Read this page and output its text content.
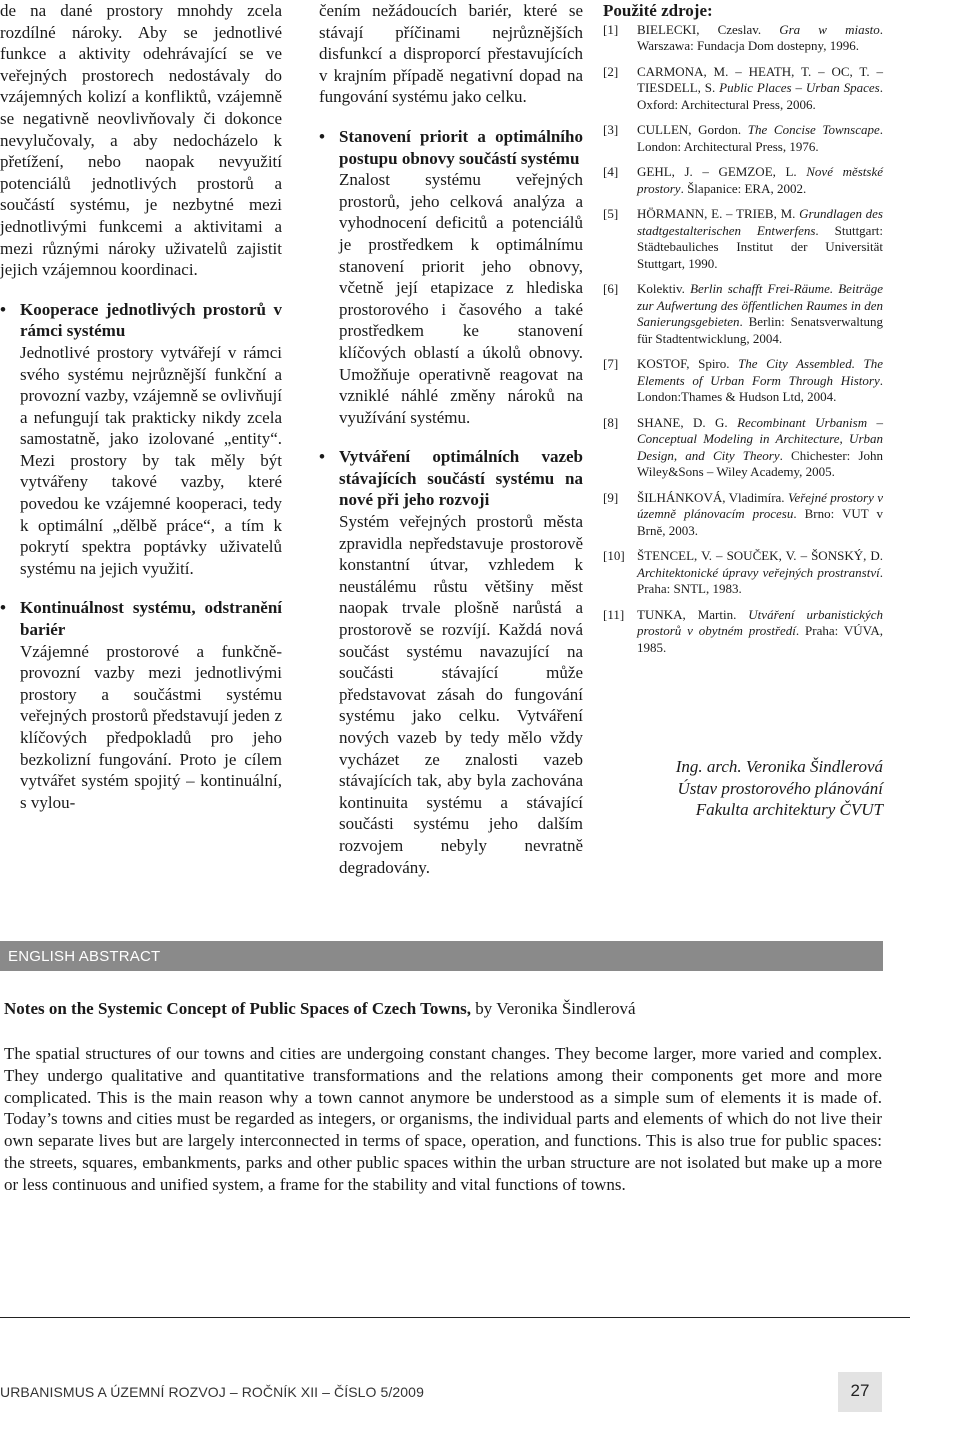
de na dané prostory mnohdy zcela rozdílné nároky. Aby se jednotlivé funkce a aktivity odehrávající se ve veřejných prostorech nedostávaly do vzájemných kolizí a konfliktů, vzájemně se negativně neovlivňovaly či dokonce nevylučovaly, a aby nedocházelo k přetížení, nebo naopak nevyužití potenciálů jednotlivých prostorů a součástí systému, je nezbytné mezi jednotlivými funkcemi a aktivitami a mezi různými nároky uživatelů zajistit jejich vzájemnou koordinaci.

• Kooperace jednotlivých prostorů v rámci systému

Jednotlivé prostory vytvářejí v rámci svého systému nejrůznější funkční a provozní vazby, vzájemně se ovlivňují a nefungují tak prakticky nikdy zcela samostatně, jako izolované „entity“. Mezi prostory by tak měly být vytvářeny takové vazby, které povedou ke vzájemné kooperaci, tedy k optimální „dělbě práce“, a tím k pokrytí spektra poptávky uživatelů systému na jejich využití.

• Kontinuálnost systému, odstranění bariér

Vzájemné prostorové a funkčně-provozní vazby mezi jednotlivými prostory a součástmi systému veřejných prostorů představují jeden z klíčových předpokladů pro jeho bezkolizní fungování. Proto je cílem vytvářet systém spojitý – kontinuální, s vylou-

čením nežádoucích bariér, které se stávají příčinami nejrůznějších disfunkcí a disproporcí přestavujících v krajním případě negativní dopad na fungování systému jako celku.

• Stanovení priorit a optimálního postupu obnovy součástí systému

Znalost systému veřejných prostorů, jeho celková analýza a vyhodnocení deficitů a potenciálů je prostředkem k optimálnímu stanovení priorit jeho obnovy, včetně její etapizace z hlediska prostorového i časového a také prostředkem ke stanovení klíčových oblastí a úkolů obnovy. Umožňuje operativně reagovat na vzniklé náhlé změny nároků na využívání systému.

• Vytváření optimálních vazeb stávajících součástí systému na nové při jeho rozvoji

Systém veřejných prostorů města zpravidla nepředstavuje prostorově konstantní útvar, vzhledem k neustálému růstu většiny měst naopak trvale plošně narůstá a prostorově se rozvíjí. Každá nová součást systému navazující na součásti stávající může představovat zásah do fungování systému jako celku. Vytváření nových vazeb by tedy mělo vždy vycházet ze znalosti vazeb stávajících tak, aby byla zachována kontinuita systému a stávající součásti systému jeho dalším rozvojem nebyly nevratně degradovány.

Použité zdroje:

[1]	BIELECKI, Czeslav. Gra w miasto. Warszawa: Fundacja Dom dostepny, 1996.
[2]	CARMONA, M. – HEATH, T. – OC, T. – TIESDELL, S. Public Places – Urban Spaces. Oxford: Architectural Press, 2006.
[3]	CULLEN, Gordon. The Concise Townscape. London: Architectural Press, 1976.
[4]	GEHL, J. – GEMZOE, L. Nové městské prostory. Šlapanice: ERA, 2002.
[5]	HÖRMANN, E. – TRIEB, M. Grundlagen des stadtgestalterischen Entwerfens. Stuttgart: Städtebauliches Institut der Universität Stuttgart, 1990.
[6]	Kolektiv. Berlin schafft Frei-Räume. Beiträge zur Aufwertung des öffentlichen Raumes in den Sanierungsgebieten. Berlin: Senatsverwaltung für Stadtentwicklung, 2004.
[7]	KOSTOF, Spiro. The City Assembled. The Elements of Urban Form Through History. London:Thames & Hudson Ltd, 2004.
[8]	SHANE, D. G. Recombinant Urbanism – Conceptual Modeling in Architecture, Urban Design, and City Theory. Chichester: John Wiley&Sons – Wiley Academy, 2005.
[9]	ŠILHÁNKOVÁ, Vladimíra. Veřejné prostory v územně plánovacím procesu. Brno: VUT v Brně, 2003.
[10] ŠTENCEL, V. – SOUČEK, V. – ŠONSKÝ, D. Architektonické úpravy veřejných prostranství. Praha: SNTL, 1983.
[11] TUNKA, Martin. Utváření urbanistických prostorů v obytném prostředí. Praha: VÚVA, 1985.
Ing. arch. Veronika Šindlerová
Ústav prostorového plánování
Fakulta architektury ČVUT
ENGLISH ABSTRACT
Notes on the Systemic Concept of Public Spaces of Czech Towns, by Veronika Šindlerová
The spatial structures of our towns and cities are undergoing constant changes. They become larger, more varied and complex. They undergo qualitative and quantitative transformations and the relations among their components get more and more complicated. This is the main reason why a town cannot anymore be understood as a simple sum of elements it is made of. Today’s towns and cities must be regarded as integers, or organisms, the individual parts and elements of which do not live their own separate lives but are largely interconnected in terms of space, operation, and functions. This is also true for public spaces: the streets, squares, embankments, parks and other public spaces within the urban structure are not isolated but make up a more or less continuous and unified system, a frame for the stability and vital functions of towns.
URBANISMUS A ÚZEMNÍ ROZVOJ – ROČNÍK XII – ČÍSLO 5/2009	27
